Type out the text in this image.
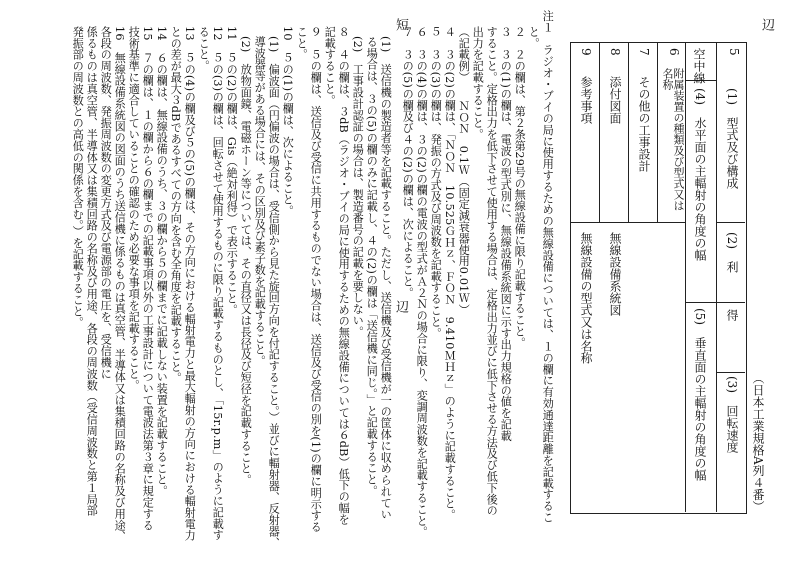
辺
辺
短
（日本工業規格A列４番）
5
空中線
(1)　型式及び構成
(2)　利　　　得
(3)　回転速度
(4)　水平面の主輻射の角度の幅
(5)　垂直面の主輻射の角度の幅
6
附属装置の種類及び型式又は名称
7
その他の工事設計
8
添付図面
無線設備系統図
9
参考事項
無線設備の型式又は名称
注１　ラジオ・ブイの局に使用するための無線設備については、１の欄に有効通達距離を記載するこ
と。
２　２の欄は、第２条第29号の無線設備に限り記載すること。
３　３の(1)の欄は、電波の型式別に、無線設備系統図に示す出力規格の値を記載
すること。定格出力を低下させて使用する場合は、定格出力並びに低下させる方法及び低下後の
出力を記載すること。
（記載例）　　ＮＯＮ　0.1Ｗ（固定減衰器使用0.01Ｗ）
４　３の(2)の欄は、「ＮＯＮ　10.525ＧＨｚ、ＦＯＮ　9.410ＭＨｚ」のように記載すること。
５　３の(3)の欄は、発振の方式及び周波数を記載すること。
６　３の(4)の欄は、３の(2)の欄の電波の型式がＡ２Ｎの場合に限り、変調周波数を記載すること。
７　３の(5)の欄及び４の(2)の欄は、次によること。
(1)　送信機の製造者等を記載すること。ただし、送信機及び受信機が一の筐体に収められてい
る場合は、３の(5)の欄のみに記載し、４の(2)の欄は「送信機に同じ。」と記載すること。
(2)　工事設計認証の場合は、製造番号の記載を要しない。
８　４の欄は、３dB（ラジオ・ブイの局に使用するための無線設備については６dB）低下の幅を
記載すること。
９　５の欄は、送信及び受信に共用するものでない場合は、送信及び受信の別を(1)の欄に明示する
こと。
10　５の(1)の欄は、次によること。
(1)　偏波面（円偏波の場合は、受信側から見た旋回方向を付記すること。）並びに輻射器、反射器、
導波器等がある場合には、その区別及び素子数を記載すること。
(2)　放物面鏡、電磁ホーン等については、その直径又は長径及び短径を記載すること。
11　５の(2)の欄は、Gis（絶対利得）で表示すること。
12　５の(3)の欄は、回転させて使用するものに限り記載するものとし、「15r.p.m」のように記載す
ること。
13　５の(4)の欄及び５の(5)の欄は、その方向における輻射電力と最大輻射の方向における輻射電力
との差が最大３dBであるすべての方向を含む全角度を記載すること。
14　６の欄は、無線設備のうち、３の欄から５の欄までに記載しない装置を記載すること。
15　７の欄は、１の欄から６の欄までの記載事項以外の工事設計について電波法第３章に規定する
技術基準に適合していることの確認のため必要な事項を記載すること。
16　無線設備系統図の図面のうち送信機に係るものは真空管、半導体又は集積回路の名称及び用途、
各段の周波数、発振周波数の変更方式及び電源部の電圧を、受信機に
係るものは真空管、半導体又は集積回路の名称及び用途、各段の周波数（受信周波数と第１局部
発振部の周波数との高低の関係を含む。）を記載すること。
